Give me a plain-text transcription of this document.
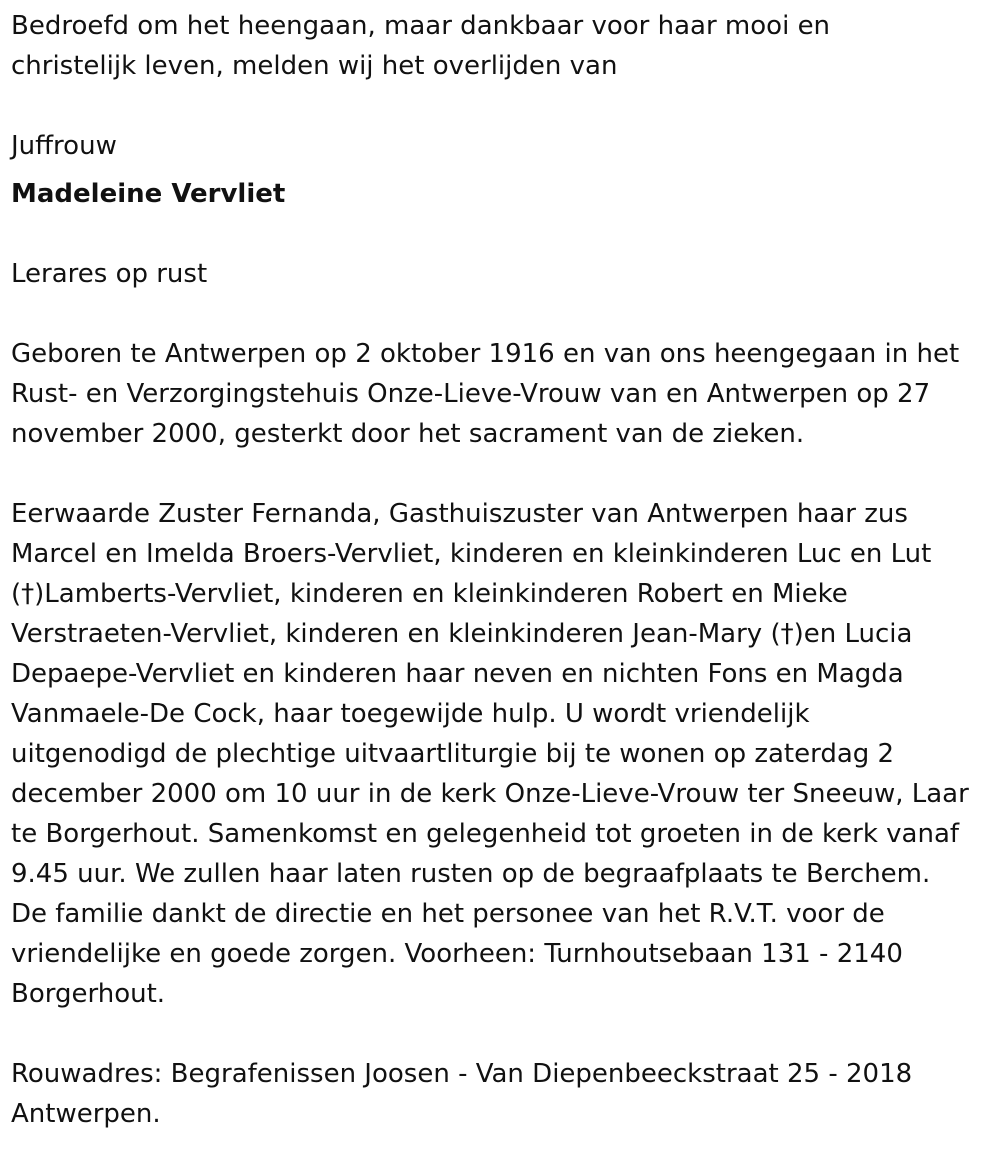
Bedroefd om het heengaan, maar dankbaar voor haar mooi en
christelijk leven, melden wij het overlijden van

Juffrouw

Madeleine Vervliet

Lerares op rust

Geboren te Antwerpen op 2 oktober 1916 en van ons heengegaan in het
Rust- en Verzorgingstehuis Onze-Lieve-Vrouw van en Antwerpen op 27
november 2000, gesterkt door het sacrament van de zieken.

Eerwaarde Zuster Fernanda, Gasthuiszuster van Antwerpen haar zus
Marcel en Imelda Broers-Vervliet, kinderen en kleinkinderen Luc en Lut
(†)Lamberts-Vervliet, kinderen en kleinkinderen Robert en Mieke
Verstraeten-Vervliet, kinderen en kleinkinderen Jean-Mary (†)en Lucia
Depaepe-Vervliet en kinderen haar neven en nichten Fons en Magda
Vanmaele-De Cock, haar toegewijde hulp. U wordt vriendelijk
uitgenodigd de plechtige uitvaartliturgie bij te wonen op zaterdag 2
december 2000 om 10 uur in de kerk Onze-Lieve-Vrouw ter Sneeuw, Laar
te Borgerhout. Samenkomst en gelegenheid tot groeten in de kerk vanaf
9.45 uur. We zullen haar laten rusten op de begraafplaats te Berchem.
De familie dankt de directie en het personee van het R.V.T. voor de
vriendelijke en goede zorgen. Voorheen: Turnhoutsebaan 131 - 2140
Borgerhout.

Rouwadres: Begrafenissen Joosen - Van Diepenbeeckstraat 25 - 2018
Antwerpen.
